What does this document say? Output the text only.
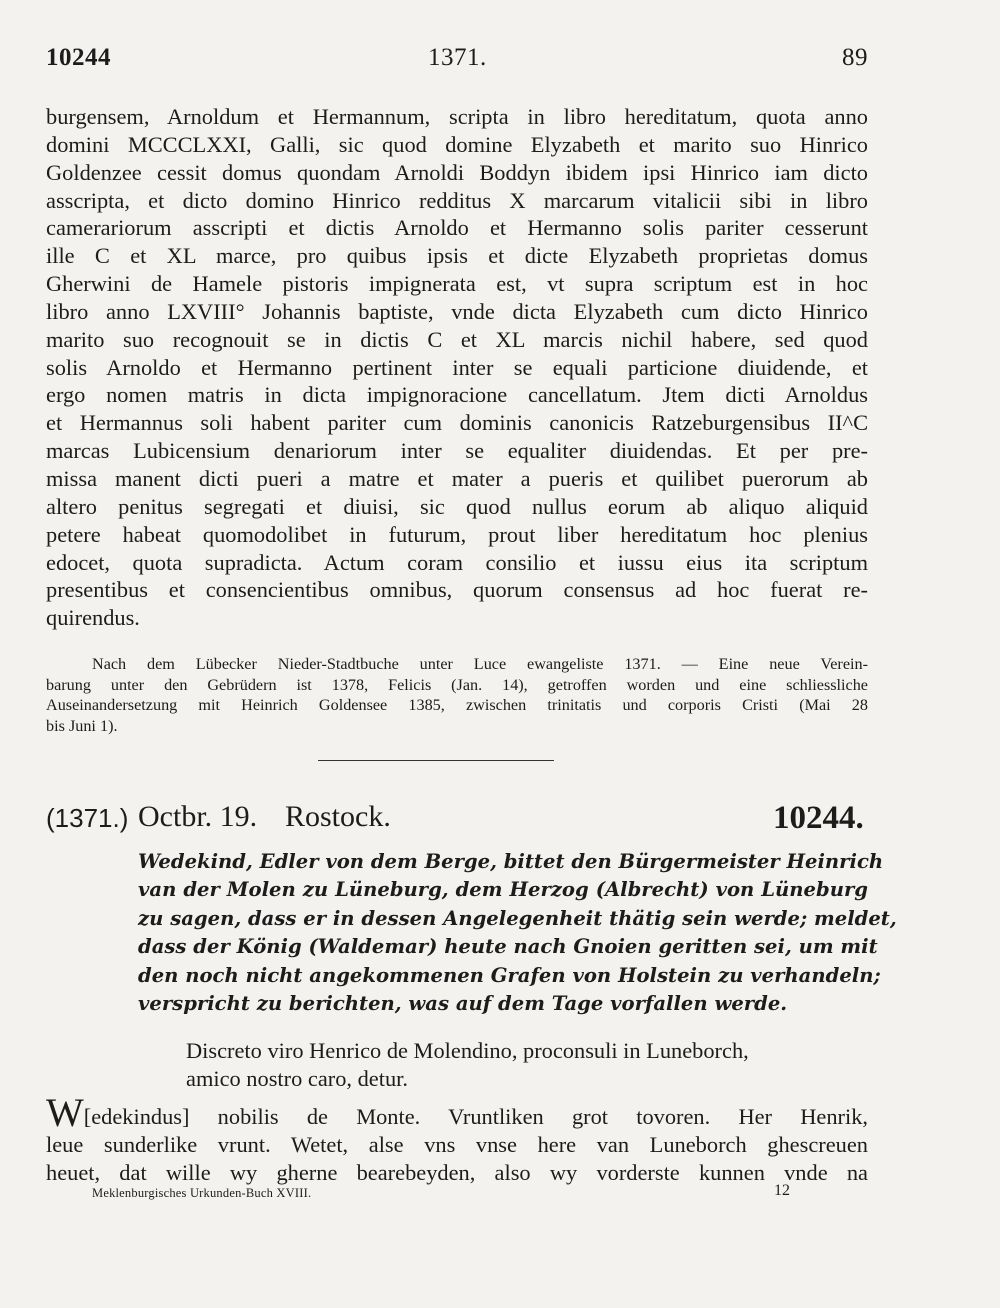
10244	1371.	89
burgensem, Arnoldum et Hermannum, scripta in libro hereditatum, quota anno
domini MCCCLXXI, Galli, sic quod domine Elyzabeth et marito suo Hinrico
Goldenzee cessit domus quondam Arnoldi Boddyn ibidem ipsi Hinrico iam dicto
asscripta, et dicto domino Hinrico redditus X marcarum vitalicii sibi in libro
camerariorum asscripti et dictis Arnoldo et Hermanno solis pariter cesserunt
ille C et XL marce, pro quibus ipsis et dicte Elyzabeth proprietas domus
Gherwini de Hamele pistoris impignerata est, vt supra scriptum est in hoc
libro anno LXVIII° Johannis baptiste, vnde dicta Elyzabeth cum dicto Hinrico
marito suo recognouit se in dictis C et XL marcis nichil habere, sed quod
solis Arnoldo et Hermanno pertinent inter se equali particione diuidende, et
ergo nomen matris in dicta impignoracione cancellatum. Jtem dicti Arnoldus
et Hermannus soli habent pariter cum dominis canonicis Ratzeburgensibus II^C
marcas Lubicensium denariorum inter se equaliter diuidendas. Et per pre-
missa manent dicti pueri a matre et mater a pueris et quilibet puerorum ab
altero penitus segregati et diuisi, sic quod nullus eorum ab aliquo aliquid
petere habeat quomodolibet in futurum, prout liber hereditatum hoc plenius
edocet, quota supradicta. Actum coram consilio et iussu eius ita scriptum
presentibus et consencientibus omnibus, quorum consensus ad hoc fuerat re-
quirendus.
Nach dem Lübecker Nieder-Stadtbuche unter Luce ewangeliste 1371. — Eine neue Verein-
barung unter den Gebrüdern ist 1378, Felicis (Jan. 14), getroffen worden und eine schliessliche
Auseinandersetzung mit Heinrich Goldensee 1385, zwischen trinitatis und corporis Cristi (Mai 28
bis Juni 1).
(1371.) Octbr. 19. Rostock.	10244.
Wedekind, Edler von dem Berge, bittet den Bürgermeister Heinrich
van der Molen zu Lüneburg, dem Herzog (Albrecht) von Lüneburg
zu sagen, dass er in dessen Angelegenheit thätig sein werde; meldet,
dass der König (Waldemar) heute nach Gnoien geritten sei, um mit
den noch nicht angekommenen Grafen von Holstein zu verhandeln;
verspricht zu berichten, was auf dem Tage vorfallen werde.
Discreto viro Henrico de Molendino, proconsuli in Luneborch,
amico nostro caro, detur.
W[edekindus] nobilis de Monte. Vruntliken grot tovoren. Her Henrik,
leue sunderlike vrunt. Wetet, alse vns vnse here van Luneborch ghescreuen
heuet, dat wille wy gherne bearebeyden, also wy vorderste kunnen vnde na
Meklenburgisches Urkunden-Buch XVIII.	12
